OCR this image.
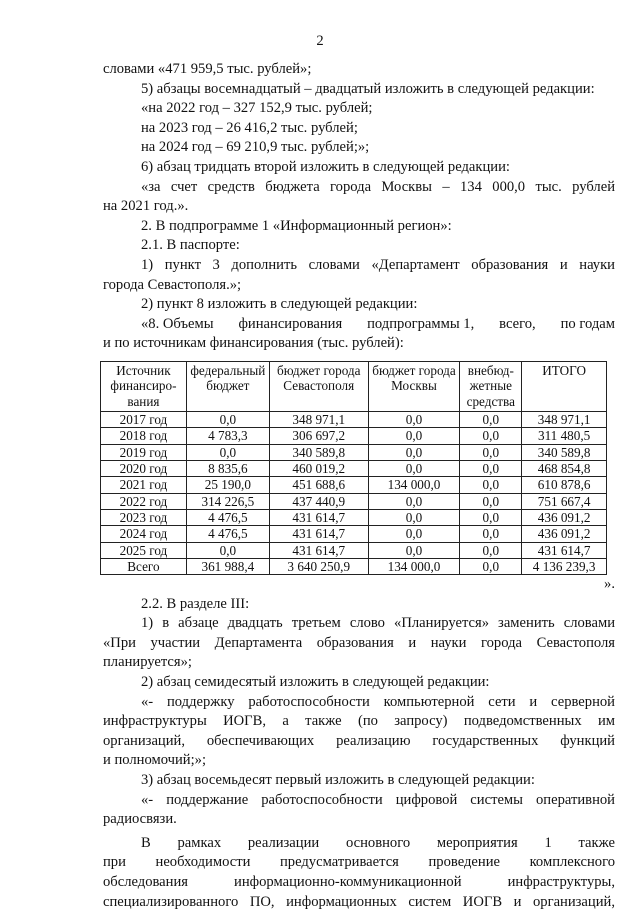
2

словами «471 959,5 тыс. рублей»;

5) абзацы восемнадцатый – двадцатый изложить в следующей редакции:

«на 2022 год – 327 152,9 тыс. рублей;

на 2023 год – 26 416,2 тыс. рублей;

на 2024 год – 69 210,9 тыс. рублей;»;

6) абзац тридцать второй изложить в следующей редакции:

«за счет средств бюджета города Москвы – 134 000,0 тыс. рублей

на 2021 год.».

2. В подпрограмме 1 «Информационный регион»:

2.1. В паспорте:

1) пункт 3 дополнить словами «Департамент образования и науки

города Севастополя.»;

2) пункт 8 изложить в следующей редакции:

«8. Объемы финансирования подпрограммы 1, всего, по годам

и по источникам финансирования (тыс. рублей):

Источник финансиро-вания	федеральный бюджет	бюджет города Севастополя	бюджет города Москвы	внебюд-жетные средства	ИТОГО
2017 год	0,0	348 971,1	0,0	0,0	348 971,1
2018 год	4 783,3	306 697,2	0,0	0,0	311 480,5
2019 год	0,0	340 589,8	0,0	0,0	340 589,8
2020 год	8 835,6	460 019,2	0,0	0,0	468 854,8
2021 год	25 190,0	451 688,6	134 000,0	0,0	610 878,6
2022 год	314 226,5	437 440,9	0,0	0,0	751 667,4
2023 год	4 476,5	431 614,7	0,0	0,0	436 091,2
2024 год	4 476,5	431 614,7	0,0	0,0	436 091,2
2025 год	0,0	431 614,7	0,0	0,0	431 614,7
Всего	361 988,4	3 640 250,9	134 000,0	0,0	4 136 239,3

».

2.2. В разделе III:

1) в абзаце двадцать третьем слово «Планируется» заменить словами

«При участии Департамента образования и науки города Севастополя

планируется»;

2) абзац семидесятый изложить в следующей редакции:

«- поддержку работоспособности компьютерной сети и серверной

инфраструктуры ИОГВ, а также (по запросу) подведомственных им

организаций, обеспечивающих реализацию государственных функций

и полномочий;»;

3) абзац восемьдесят первый изложить в следующей редакции:

«- поддержание работоспособности цифровой системы оперативной

радиосвязи.

В рамках реализации основного мероприятия 1 также

при необходимости предусматривается проведение комплексного

обследования информационно-коммуникационной инфраструктуры,

специализированного ПО, информационных систем ИОГВ и организаций,
